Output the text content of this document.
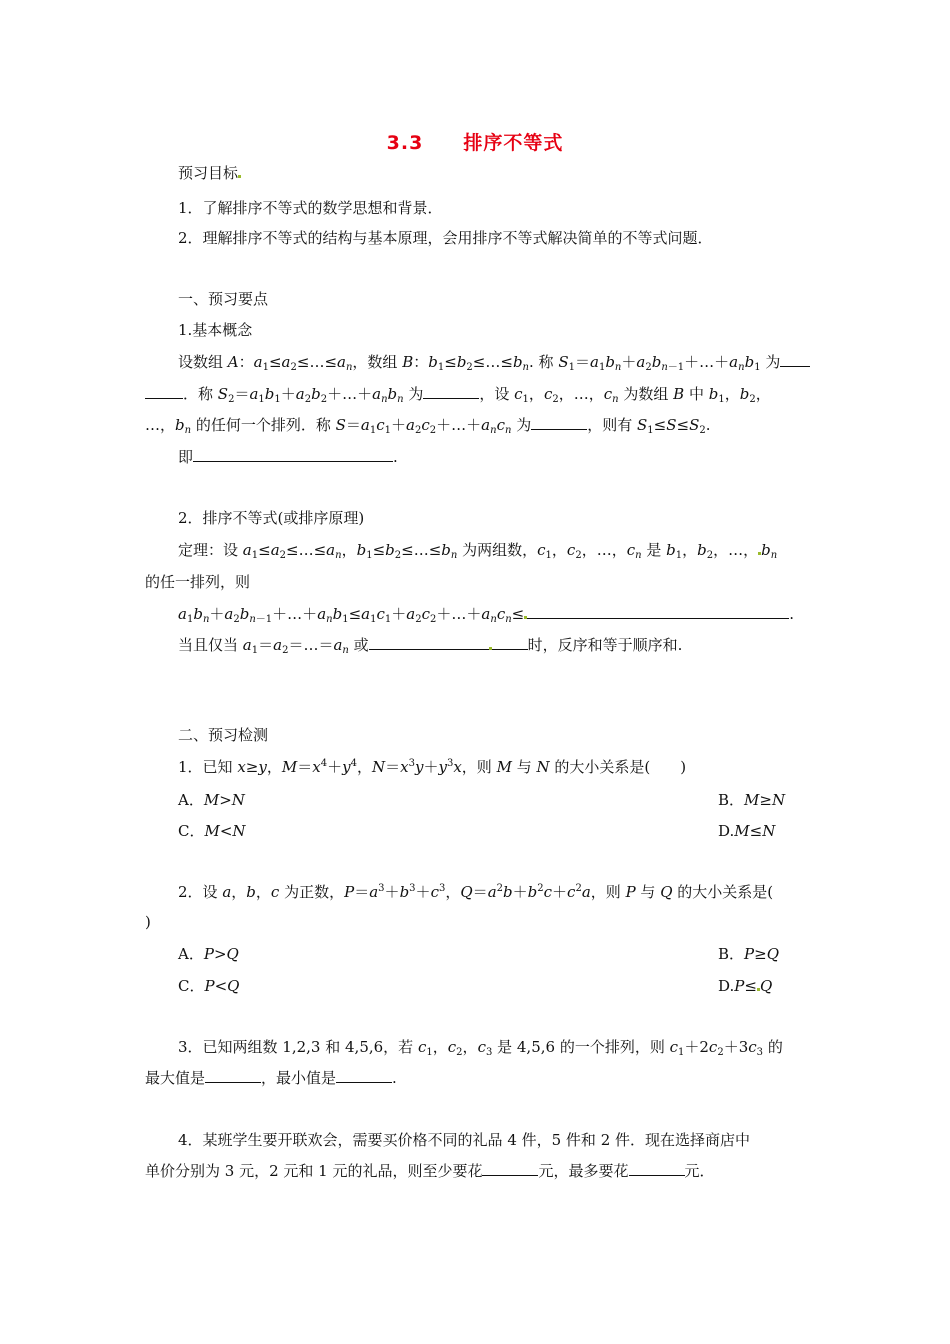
3.3 排序不等式
预习目标
1．了解排序不等式的数学思想和背景．
2．理解排序不等式的结构与基本原理，会用排序不等式解决简单的不等式问题．
一、预习要点
1.基本概念
设数组 A：$a_1\le a_2\le\dots\le a_n$，数组 B：$b_1\le b_2\le\dots\le b_n$. 称 $S_1=a_1b_n+a_2b_{n-1}+\dots+a_nb_1$ 为
．称 $S_2=a_1b_1+a_2b_2+\dots+a_nb_n$ 为	，设 $c_1$，$c_2$，…，$c_n$ 为数组 B 中 $b_1$，$b_2$，
…，$b_n$ 的任何一个排列．称 $S=a_1c_1+a_2c_2+\dots+a_nc_n$ 为	，则有 $S_1\le S\le S_2$.
即	.
2．排序不等式(或排序原理)
定理：设 $a_1\le a_2\le\dots\le a_n$，$b_1\le b_2\le\dots\le b_n$ 为两组数，$c_1$，$c_2$，…，$c_n$ 是 $b_1$，$b_2$，…， $b_n$
的任一排列，则
$a_1b_n+a_2b_{n-1}+\dots+a_nb_1\le a_1c_1+a_2c_2+\dots+a_nc_n\le$	.
当且仅当 $a_1=a_2=\dots=a_n$ 或	时，反序和等于顺序和.
二、预习检测
1．已知 x≥y，$M=x^4+y^4$，$N=x^3y+y^3x$，则 M 与 N 的大小关系是(　　)
A．M>N	B．M≥N
C．M<N	D.M≤N
2．设 a，b，c 为正数，$P=a^3+b^3+c^3$，$Q=a^2b+b^2c+c^2a$，则 P 与 Q 的大小关系是(
)
A．P>Q	B．P≥Q
C．P<Q	D.P≤ Q
3．已知两组数 1,2,3 和 4,5,6，若 $c_1$，$c_2$，$c_3$ 是 4,5,6 的一个排列，则 $c_1+2c_2+3c_3$ 的
最大值是	，最小值是	.
4．某班学生要开联欢会，需要买价格不同的礼品 4 件，5 件和 2 件．现在选择商店中
单价分别为 3 元，2 元和 1 元的礼品，则至少要花	元，最多要花	元．
